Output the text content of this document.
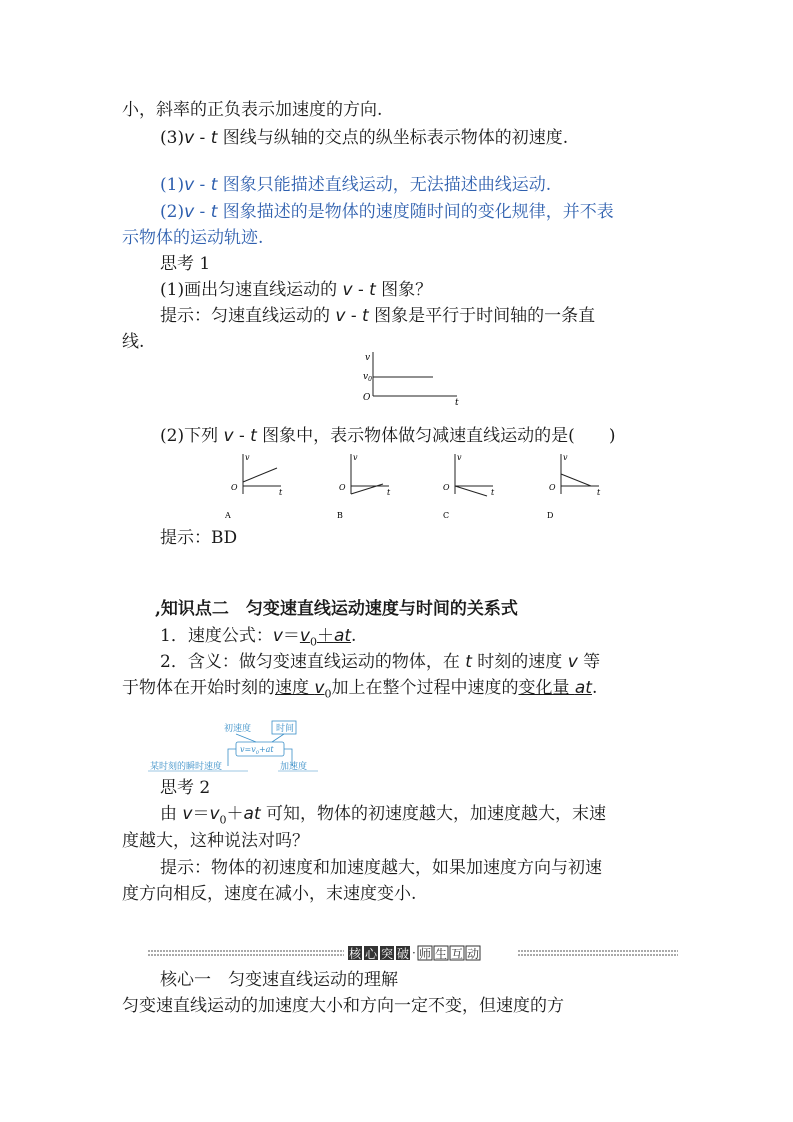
小，斜率的正负表示加速度的方向.
(3)v - t 图线与纵轴的交点的纵坐标表示物体的初速度.
(1)v - t 图象只能描述直线运动，无法描述曲线运动.
(2)v - t 图象描述的是物体的速度随时间的变化规律，并不表
示物体的运动轨迹.
思考 1
(1)画出匀速直线运动的 v - t 图象？
提示：匀速直线运动的 v - t 图象是平行于时间轴的一条直
线.
v
$v_0$
O	t
(2)下列 v - t 图象中，表示物体做匀减速直线运动的是(　　)
v
O
t
A
v
O
t
B
v
O
t
C
v
O
t
D
提示：BD
,知识点二　匀变速直线运动速度与时间的关系式
1．速度公式：$v=v_0+at$.
2．含义：做匀变速直线运动的物体，在 t 时刻的速度 v 等
于物体在开始时刻的速度 $v_0$加上在整个过程中速度的变化量 at.
初速度	时间
$v=v_0+at$
某时刻的瞬时速度	加速度
思考 2
由 $v=v_0+at$ 可知，物体的初速度越大，加速度越大，末速
度越大，这种说法对吗？
提示：物体的初速度和加速度越大，如果加速度方向与初速
度方向相反，速度在减小，末速度变小.
核 心 突 破 · 师 生 互 动
核心一　匀变速直线运动的理解
匀变速直线运动的加速度大小和方向一定不变，但速度的方
